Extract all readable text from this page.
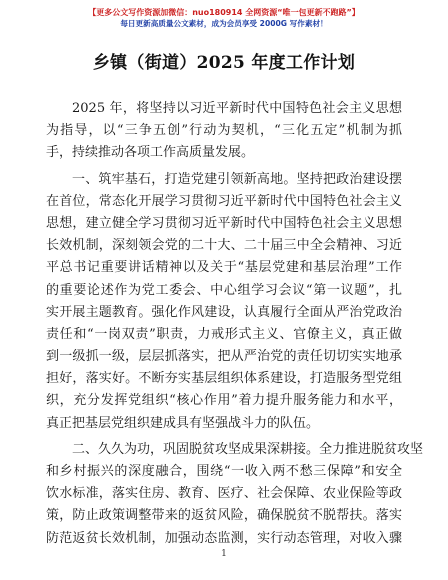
【更多公文写作资源加微信：nuo180914 全网资源“唯一包更新不跑路”】
每日更新高质量公文素材，成为会员享受 2000G 写作素材！
乡镇（街道）2025 年度工作计划
2025 年，将坚持以习近平新时代中国特色社会主义思想
为指导，以“三争五创”行动为契机，“三化五定”机制为抓
手，持续推动各项工作高质量发展。
一、筑牢基石，打造党建引领新高地。坚持把政治建设摆
在首位，常态化开展学习贯彻习近平新时代中国特色社会主义
思想，建立健全学习贯彻习近平新时代中国特色社会主义思想
长效机制，深刻领会党的二十大、二十届三中全会精神、习近
平总书记重要讲话精神以及关于“基层党建和基层治理”工作
的重要论述作为党工委会、中心组学习会议“第一议题”，扎
实开展主题教育。强化作风建设，认真履行全面从严治党政治
责任和“一岗双责”职责，力戒形式主义、官僚主义，真正做
到一级抓一级，层层抓落实，把从严治党的责任切切实实地承
担好，落实好。不断夯实基层组织体系建设，打造服务型党组
织，充分发挥党组织“核心作用”着力提升服务能力和水平，
真正把基层党组织建成具有坚强战斗力的队伍。
二、久久为功，巩固脱贫攻坚成果深耕接。全力推进脱贫攻坚
和乡村振兴的深度融合，围绕“一收入两不愁三保障”和安全
饮水标准，落实住房、教育、医疗、社会保障、农业保险等政
策，防止政策调整带来的返贫风险，确保脱贫不脱帮扶。落实
防范返贫长效机制，加强动态监测，实行动态管理，对收入骤
1
